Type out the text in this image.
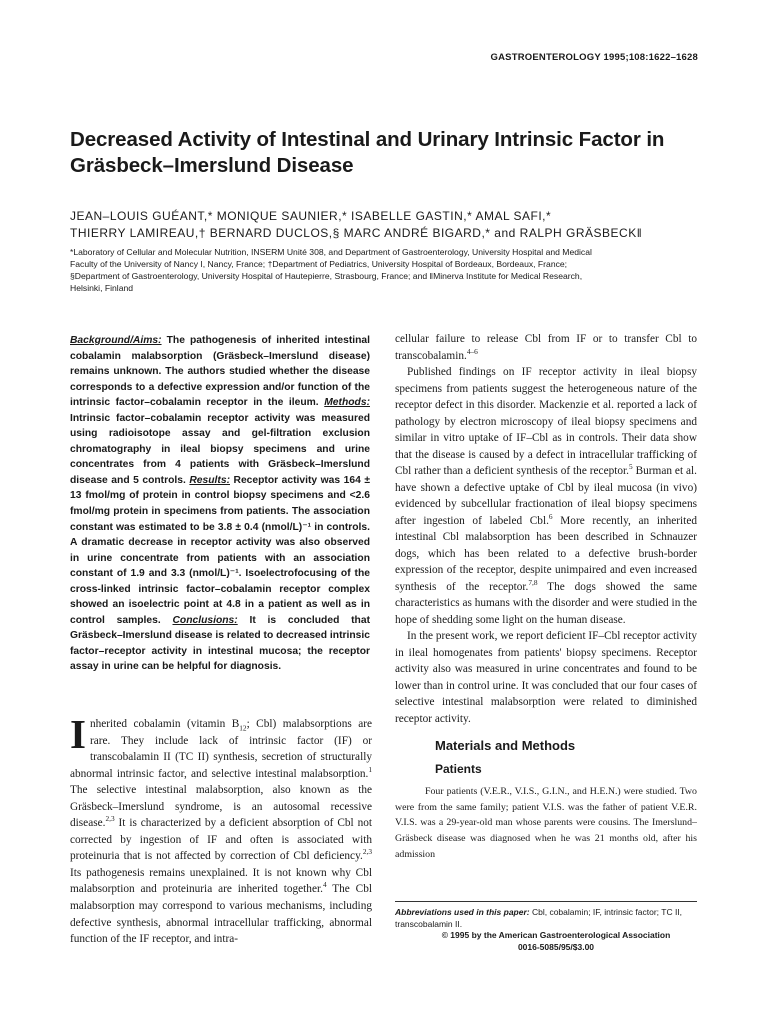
GASTROENTEROLOGY 1995;108:1622–1628
Decreased Activity of Intestinal and Urinary Intrinsic Factor in Gräsbeck–Imerslund Disease
JEAN–LOUIS GUÉANT,* MONIQUE SAUNIER,* ISABELLE GASTIN,* AMAL SAFI,*
THIERRY LAMIREAU,† BERNARD DUCLOS,§ MARC ANDRÉ BIGARD,* and RALPH GRÄSBECK‖
*Laboratory of Cellular and Molecular Nutrition, INSERM Unité 308, and Department of Gastroenterology, University Hospital and Medical
Faculty of the University of Nancy I, Nancy, France; †Department of Pediatrics, University Hospital of Bordeaux, Bordeaux, France;
§Department of Gastroenterology, University Hospital of Hautepierre, Strasbourg, France; and ‖Minerva Institute for Medical Research,
Helsinki, Finland

Background/Aims: The pathogenesis of inherited intestinal cobalamin malabsorption (Gräsbeck–Imerslund disease) remains unknown. The authors studied whether the disease corresponds to a defective expression and/or function of the intrinsic factor–cobalamin receptor in the ileum. Methods: Intrinsic factor–cobalamin receptor activity was measured using radioisotope assay and gel-filtration exclusion chromatography in ileal biopsy specimens and urine concentrates from 4 patients with Gräsbeck–Imerslund disease and 5 controls. Results: Receptor activity was 164 ± 13 fmol/mg of protein in control biopsy specimens and <2.6 fmol/mg protein in specimens from patients. The association constant was estimated to be 3.8 ± 0.4 (nmol/L)⁻¹ in controls. A dramatic decrease in receptor activity was also observed in urine concentrate from patients with an association constant of 1.9 and 3.3 (nmol/L)⁻¹. Isoelectrofocusing of the cross-linked intrinsic factor–cobalamin receptor complex showed an isoelectric point at 4.8 in a patient as well as in control samples. Conclusions: It is concluded that Gräsbeck–Imerslund disease is related to decreased intrinsic factor–receptor activity in intestinal mucosa; the receptor assay in urine can be helpful for diagnosis.

Inherited cobalamin (vitamin $B_{12}$; Cbl) malabsorptions are rare. They include lack of intrinsic factor (IF) or transcobalamin II (TC II) synthesis, secretion of structurally abnormal intrinsic factor, and selective intestinal malabsorption.$^1$ The selective intestinal malabsorption, also known as the Gräsbeck–Imerslund syndrome, is an autosomal recessive disease.$^{2,3}$ It is characterized by a deficient absorption of Cbl not corrected by ingestion of IF and often is associated with proteinuria that is not affected by correction of Cbl deficiency.$^{2,3}$ Its pathogenesis remains unexplained. It is not known why Cbl malabsorption and proteinuria are inherited together.$^4$ The Cbl malabsorption may correspond to various mechanisms, including defective synthesis, abnormal intracellular trafficking, abnormal function of the IF receptor, and intra-

cellular failure to release Cbl from IF or to transfer Cbl to transcobalamin.$^{4-6}$

Published findings on IF receptor activity in ileal biopsy specimens from patients suggest the heterogeneous nature of the receptor defect in this disorder. Mackenzie et al. reported a lack of pathology by electron microscopy of ileal biopsy specimens and similar in vitro uptake of IF–Cbl as in controls. Their data show that the disease is caused by a defect in intracellular trafficking of Cbl rather than a deficient synthesis of the receptor.$^5$ Burman et al. have shown a defective uptake of Cbl by ileal mucosa (in vivo) evidenced by subcellular fractionation of ileal biopsy specimens after ingestion of labeled Cbl.$^6$ More recently, an inherited intestinal Cbl malabsorption has been described in Schnauzer dogs, which has been related to a defective brush-border expression of the receptor, despite unimpaired and even increased synthesis of the receptor.$^{7,8}$ The dogs showed the same characteristics as humans with the disorder and were studied in the hope of shedding some light on the human disease.

In the present work, we report deficient IF–Cbl receptor activity in ileal homogenates from patients' biopsy specimens. Receptor activity also was measured in urine concentrates and found to be lower than in control urine. It was concluded that our four cases of selective intestinal malabsorption were related to diminished receptor activity.

Materials and Methods
Patients

Four patients (V.E.R., V.I.S., G.I.N., and H.E.N.) were studied. Two were from the same family; patient V.I.S. was the father of patient V.E.R. V.I.S. was a 29-year-old man whose parents were cousins. The Imerslund–Gräsbeck disease was diagnosed when he was 21 months old, after his admission

Abbreviations used in this paper: Cbl, cobalamin; IF, intrinsic factor; TC II, transcobalamin II.
© 1995 by the American Gastroenterological Association
0016-5085/95/$3.00
